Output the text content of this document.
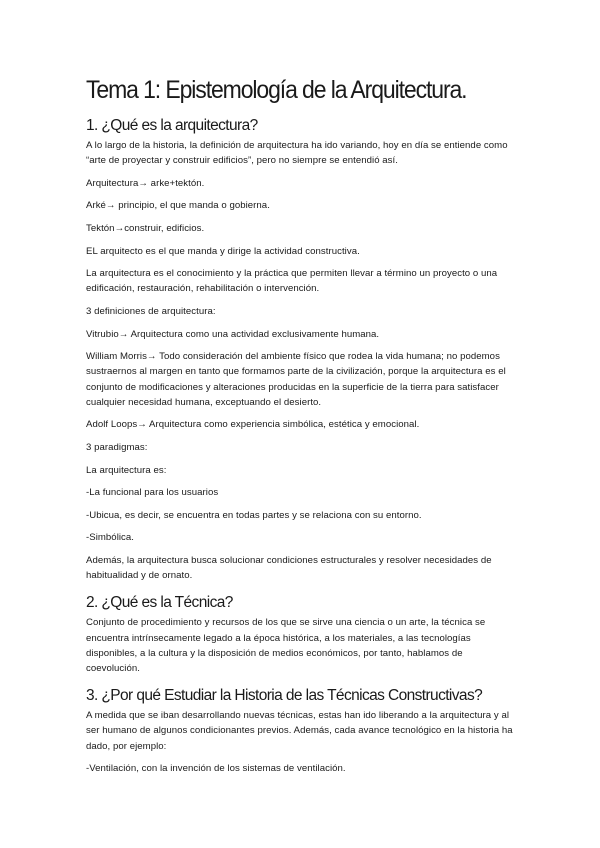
Tema 1: Epistemología de la Arquitectura.
1. ¿Qué es la arquitectura?

A lo largo de la historia, la definición de arquitectura ha ido variando, hoy en día se entiende como “arte de proyectar y construir edificios”, pero no siempre se entendió así.

Arquitectura→ arke+tektón.

Arké→ principio, el que manda o gobierna.

Tektón→construir, edificios.

EL arquitecto es el que manda y dirige la actividad constructiva.

La arquitectura es el conocimiento y la práctica que permiten llevar a término un proyecto o una edificación, restauración, rehabilitación o intervención.

3 definiciones de arquitectura:

Vitrubio→ Arquitectura como una actividad exclusivamente humana.

William Morris→ Todo consideración del ambiente físico que rodea la vida humana; no podemos sustraernos al margen en tanto que formamos parte de la civilización, porque la arquitectura es el conjunto de modificaciones y alteraciones producidas en la superficie de la tierra para satisfacer cualquier necesidad humana, exceptuando el desierto.

Adolf Loops→ Arquitectura como experiencia simbólica, estética y emocional.

3 paradigmas:

La arquitectura es:

-La funcional para los usuarios

-Ubicua, es decir, se encuentra en todas partes y se relaciona con su entorno.

-Simbólica.

Además, la arquitectura busca solucionar condiciones estructurales y resolver necesidades de habitualidad y de ornato.

2. ¿Qué es la Técnica?

Conjunto de procedimiento y recursos de los que se sirve una ciencia o un arte, la técnica se encuentra intrínsecamente legado a la época histórica, a los materiales, a las tecnologías disponibles, a la cultura y la disposición de medios económicos, por tanto, hablamos de coevolución.

3. ¿Por qué Estudiar la Historia de las Técnicas Constructivas?

A medida que se iban desarrollando nuevas técnicas, estas han ido liberando a la arquitectura y al ser humano de algunos condicionantes previos. Además, cada avance tecnológico en la historia ha dado, por ejemplo:

-Ventilación, con la invención de los sistemas de ventilación.
